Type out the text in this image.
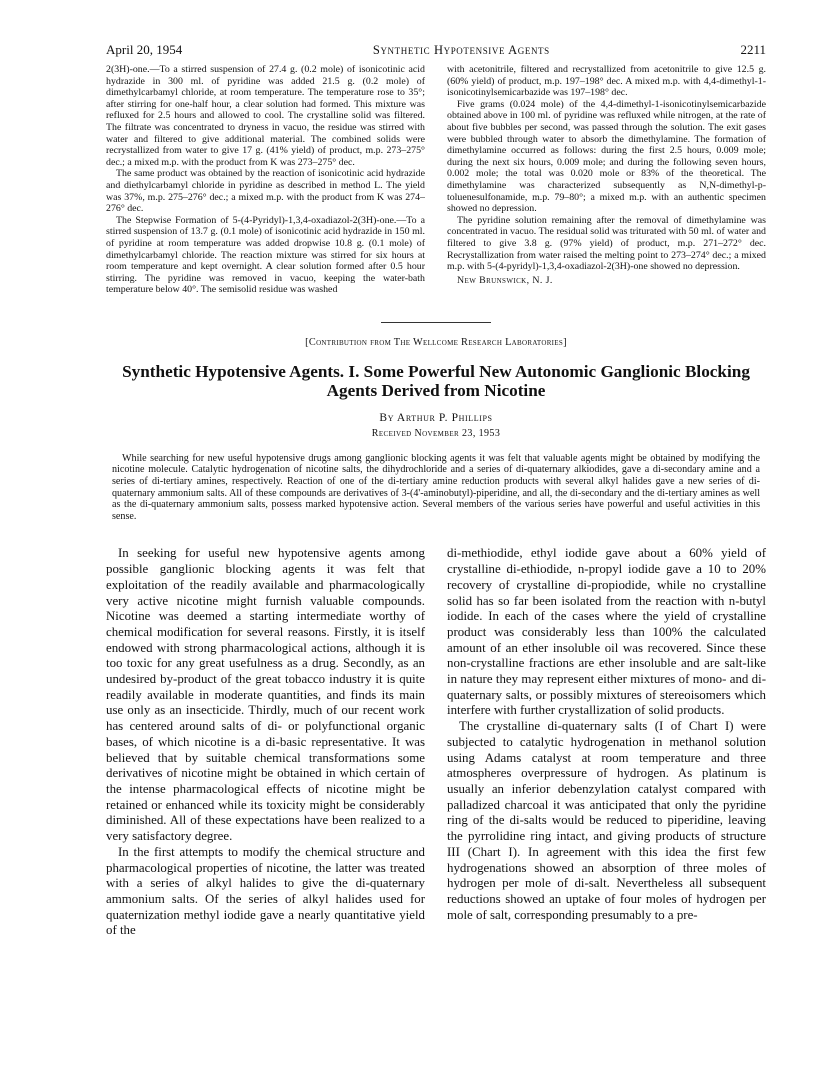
April 20, 1954	Synthetic Hypotensive Agents	2211

2(3H)-one.—To a stirred suspension of 27.4 g. (0.2 mole) of isonicotinic acid hydrazide in 300 ml. of pyridine was added 21.5 g. (0.2 mole) of dimethylcarbamyl chloride, at room temperature. The temperature rose to 35°; after stirring for one-half hour, a clear solution had formed. This mixture was refluxed for 2.5 hours and allowed to cool. The crystalline solid was filtered. The filtrate was concentrated to dryness in vacuo, the residue was stirred with water and filtered to give additional material. The combined solids were recrystallized from water to give 17 g. (41% yield) of product, m.p. 273–275° dec.; a mixed m.p. with the product from K was 273–275° dec.

The same product was obtained by the reaction of isonicotinic acid hydrazide and diethylcarbamyl chloride in pyridine as described in method L. The yield was 37%, m.p. 275–276° dec.; a mixed m.p. with the product from K was 274–276° dec.

The Stepwise Formation of 5-(4-Pyridyl)-1,3,4-oxadiazol-2(3H)-one.—To a stirred suspension of 13.7 g. (0.1 mole) of isonicotinic acid hydrazide in 150 ml. of pyridine at room temperature was added dropwise 10.8 g. (0.1 mole) of dimethylcarbamyl chloride. The reaction mixture was stirred for six hours at room temperature and kept overnight. A clear solution formed after 0.5 hour stirring. The pyridine was removed in vacuo, keeping the water-bath temperature below 40°. The semisolid residue was washed

with acetonitrile, filtered and recrystallized from acetonitrile to give 12.5 g. (60% yield) of product, m.p. 197–198° dec. A mixed m.p. with 4,4-dimethyl-1-isonicotinylsemicarbazide was 197–198° dec.

Five grams (0.024 mole) of the 4,4-dimethyl-1-isonicotinylsemicarbazide obtained above in 100 ml. of pyridine was refluxed while nitrogen, at the rate of about five bubbles per second, was passed through the solution. The exit gases were bubbled through water to absorb the dimethylamine. The formation of dimethylamine occurred as follows: during the first 2.5 hours, 0.009 mole; during the next six hours, 0.009 mole; and during the following seven hours, 0.002 mole; the total was 0.020 mole or 83% of the theoretical. The dimethylamine was characterized subsequently as N,N-dimethyl-p-toluenesulfonamide, m.p. 79–80°; a mixed m.p. with an authentic specimen showed no depression.

The pyridine solution remaining after the removal of dimethylamine was concentrated in vacuo. The residual solid was triturated with 50 ml. of water and filtered to give 3.8 g. (97% yield) of product, m.p. 271–272° dec. Recrystallization from water raised the melting point to 273–274° dec.; a mixed m.p. with 5-(4-pyridyl)-1,3,4-oxadiazol-2(3H)-one showed no depression.

New Brunswick, N. J.
[Contribution from The Wellcome Research Laboratories]
Synthetic Hypotensive Agents. I. Some Powerful New Autonomic Ganglionic Blocking Agents Derived from Nicotine
By Arthur P. Phillips
Received November 23, 1953
While searching for new useful hypotensive drugs among ganglionic blocking agents it was felt that valuable agents might be obtained by modifying the nicotine molecule. Catalytic hydrogenation of nicotine salts, the dihydrochloride and a series of di-quaternary alkiodides, gave a di-secondary amine and a series of di-tertiary amines, respectively. Reaction of one of the di-tertiary amine reduction products with several alkyl halides gave a new series of di-quaternary ammonium salts. All of these compounds are derivatives of 3-(4'-aminobutyl)-piperidine, and all, the di-secondary and the di-tertiary amines as well as the di-quaternary ammonium salts, possess marked hypotensive action. Several members of the various series have powerful and useful activities in this sense.

In seeking for useful new hypotensive agents among possible ganglionic blocking agents it was felt that exploitation of the readily available and pharmacologically very active nicotine might furnish valuable compounds. Nicotine was deemed a starting intermediate worthy of chemical modification for several reasons. Firstly, it is itself endowed with strong pharmacological actions, although it is too toxic for any great usefulness as a drug. Secondly, as an undesired by-product of the great tobacco industry it is quite readily available in moderate quantities, and finds its main use only as an insecticide. Thirdly, much of our recent work has centered around salts of di- or polyfunctional organic bases, of which nicotine is a di-basic representative. It was believed that by suitable chemical transformations some derivatives of nicotine might be obtained in which certain of the intense pharmacological effects of nicotine might be retained or enhanced while its toxicity might be considerably diminished. All of these expectations have been realized to a very satisfactory degree.

In the first attempts to modify the chemical structure and pharmacological properties of nicotine, the latter was treated with a series of alkyl halides to give the di-quaternary ammonium salts. Of the series of alkyl halides used for quaternization methyl iodide gave a nearly quantitative yield of the

di-methiodide, ethyl iodide gave about a 60% yield of crystalline di-ethiodide, n-propyl iodide gave a 10 to 20% recovery of crystalline di-propiodide, while no crystalline solid has so far been isolated from the reaction with n-butyl iodide. In each of the cases where the yield of crystalline product was considerably less than 100% the calculated amount of an ether insoluble oil was recovered. Since these non-crystalline fractions are ether insoluble and are salt-like in nature they may represent either mixtures of mono- and di-quaternary salts, or possibly mixtures of stereoisomers which interfere with further crystallization of solid products.

The crystalline di-quaternary salts (I of Chart I) were subjected to catalytic hydrogenation in methanol solution using Adams catalyst at room temperature and three atmospheres overpressure of hydrogen. As platinum is usually an inferior debenzylation catalyst compared with palladized charcoal it was anticipated that only the pyridine ring of the di-salts would be reduced to piperidine, leaving the pyrrolidine ring intact, and giving products of structure III (Chart I). In agreement with this idea the first few hydrogenations showed an absorption of three moles of hydrogen per mole of di-salt. Nevertheless all subsequent reductions showed an uptake of four moles of hydrogen per mole of salt, corresponding presumably to a pre-
